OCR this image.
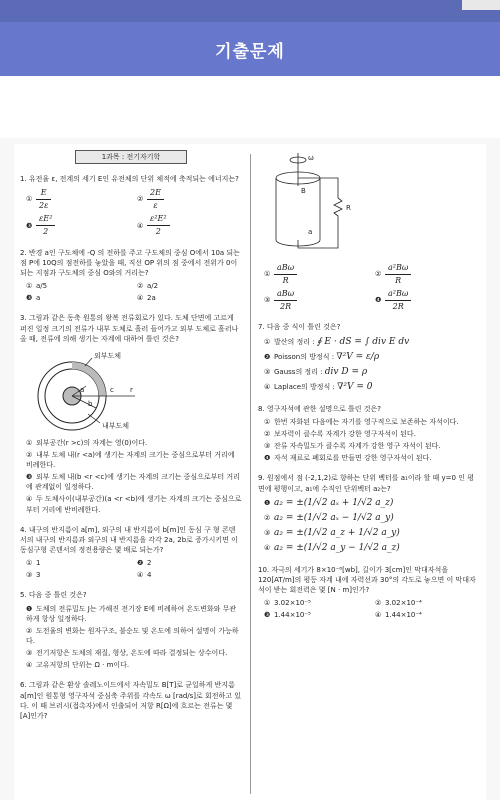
기출문제
1과목 : 전기자기학
1. 유전율 ε, 전계의 세기 E인 유전체의 단위 체적에 축적되는 에너지는?
① $\frac{E}{2\varepsilon}$	② $\frac{2E}{\varepsilon}$
❸ $\frac{\text{εE²}}{2}$	④ $\frac{\text{ε²E²}}{2}$
2. 반경 a인 구도체에 -Q 의 전하를 주고 구도체의 중심 O에서 10a 되는 점 P에 10Q의 점전하를 놓았을 때, 직선 OP 위의 점 중에서 전위가 0이 되는 지점과 구도체의 중심 O와의 거리는?
① a/5	② a/2
❸ a	④ 2a
3. 그림과 같은 동축 원통의 왕복 전류회로가 있다. 도체 단면에 고르게 퍼진 일정 크기의 전류가 내부 도체로 흘러 들어가고 외부 도체로 흘러나올 때, 전류에 의해 생기는 자계에 대하여 틀린 것은?
외부도체
내부도체
a
b
c r
① 외부공간(r >c)의 자계는 영(0)이다.
② 내부 도체 내(r <a)에 생기는 자계의 크기는 중심으로부터 거리에 비례한다.
❸ 외부 도체 내(b <r <c)에 생기는 자계의 크기는 중심으로부터 거리에 관계없이 일정하다.
④ 두 도체사이(내부공간)(a <r <b)에 생기는 자계의 크기는 중심으로부터 거리에 반비례한다.
4. 내구의 반지름이 a[m], 외구의 내 반지름이 b[m]인 동심 구 형 콘덴서의 내구의 반지름과 외구의 내 반지름을 각각 2a, 2b로 증가시키면 이 동심구형 콘덴서의 정전용량은 몇 배로 되는가?
① 1	❷ 2
③ 3	④ 4
5. 다음 중 틀린 것은?
❶ 도체의 전류밀도 J는 가해진 전기장 E에 비례하여 온도변화와 무관하게 항상 일정하다.
② 도전율의 변화는 원자구조, 불순도 및 온도에 의하여 설명이 가능하다.
③ 전기저항은 도체의 재질, 형상, 온도에 따라 결정되는 상수이다.
④ 고유저항의 단위는 Ω · m이다.
6. 그림과 같은 환상 솔레노이드에서 자속밀도 B[T]로 균일하게 반지름 a[m]인 원통형 영구자석 중심축 주위를 각속도 ω [rad/s]로 회전하고 있다. 이 때 브러시(접촉자)에서 인출되어 저항 R[Ω]에 흐르는 전류는 몇 [A]인가?
ω
B
R
a
① $\frac{\text{aBω}}{R}$	② $\frac{\text{a²Bω}}{R}$
③ $\frac{\text{aBω}}{2R}$	❹ $\frac{\text{a²Bω}}{2R}$
7. 다음 중 식이 틀린 것은?
① 발산의 정리 : ∮ E · dS = ∫ div E dv
❷ Poisson의 방정식 : ∇²V = ε/ρ
③ Gauss의 정리 : div D = ρ
④ Laplace의 방정식 : ∇²V = 0
8. 영구자석에 관한 설명으로 틀린 것은?
① 한번 자화된 다음에는 자기를 영구적으로 보존하는 자석이다.
② 보자력이 클수록 자계가 강한 영구자석이 된다.
③ 잔류 자속밀도가 클수록 자계가 강한 영구 자석이 된다.
❹ 자석 재료로 폐회로를 만들면 강한 영구자석이 된다.
9. 원점에서 점 (-2,1,2)로 향하는 단위 벡터를 a₁이라 할 때 y=0 인 평면에 평행이고, a₁에 수직인 단위벡터 a₂는?
❶ a₂ = ±(1/√2 aₓ + 1/√2 a_z)
② a₂ = ±(1/√2 aₓ − 1/√2 a_y)
③ a₂ = ±(1/√2 a_z + 1/√2 a_y)
④ a₂ = ±(1/√2 a_y − 1/√2 a_z)
10. 자극의 세기가 8×10⁻⁶[wb], 길이가 3[cm]인 막대자석을 120[AT/m]의 평등 자계 내에 자력선과 30°의 각도로 놓으면 이 막대자석이 받는 회전력은 몇 [N · m]인가?
① 3.02×10⁻⁵	② 3.02×10⁻⁴
❸ 1.44×10⁻⁵	④ 1.44×10⁻⁴
